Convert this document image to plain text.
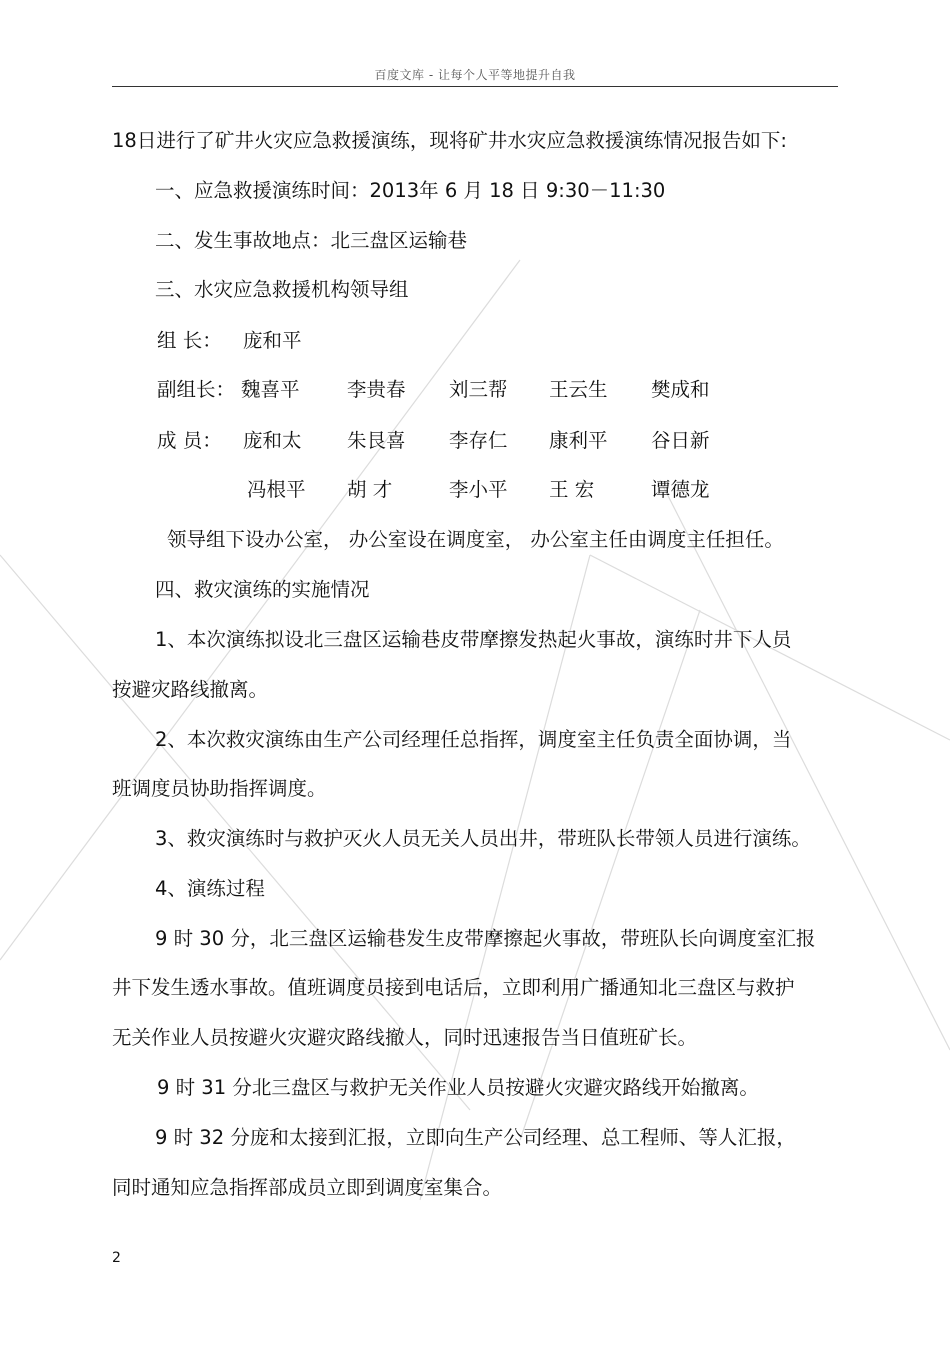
百度文库 - 让每个人平等地提升自我
18日进行了矿井火灾应急救援演练，现将矿井水灾应急救援演练情况报告如下:
一、应急救援演练时间：2013年 6 月 18 日 9:30－11:30
二、发生事故地点：北三盘区运输巷
三、水灾应急救援机构领导组
组 长： 庞和平
副组长： 魏喜平 李贵春 刘三帮 王云生 樊成和
成 员： 庞和太 朱艮喜 李存仁 康利平 谷日新
冯根平 胡 才	李小平 王 宏	谭德龙
领导组下设办公室， 办公室设在调度室， 办公室主任由调度主任担任。
四、救灾演练的实施情况
1、本次演练拟设北三盘区运输巷皮带摩擦发热起火事故，演练时井下人员
按避灾路线撤离。
2、本次救灾演练由生产公司经理任总指挥，调度室主任负责全面协调，当
班调度员协助指挥调度。
3、救灾演练时与救护灭火人员无关人员出井，带班队长带领人员进行演练。
4、演练过程
9 时 30 分，北三盘区运输巷发生皮带摩擦起火事故，带班队长向调度室汇报
井下发生透水事故。值班调度员接到电话后，立即利用广播通知北三盘区与救护
无关作业人员按避火灾避灾路线撤人，同时迅速报告当日值班矿长。
9 时 31 分北三盘区与救护无关作业人员按避火灾避灾路线开始撤离。
9 时 32 分庞和太接到汇报，立即向生产公司经理、总工程师、等人汇报，
同时通知应急指挥部成员立即到调度室集合。
2
